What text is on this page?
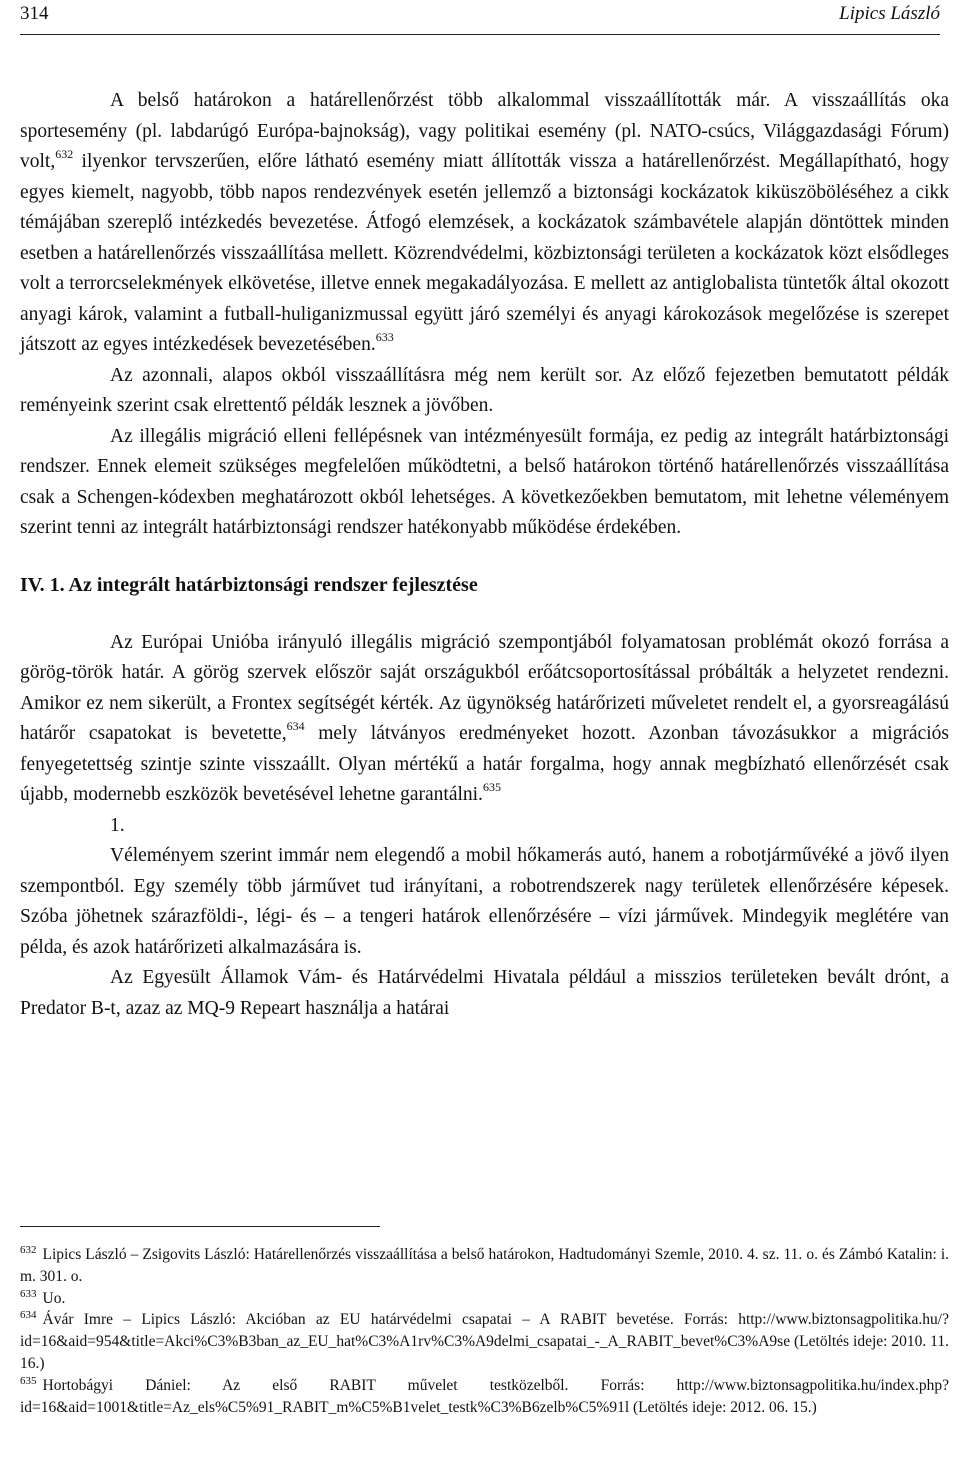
314	Lipics László

A belső határokon a határellenőrzést több alkalommal visszaállították már. A visszaállítás oka sportesemény (pl. labdarúgó Európa-bajnokság), vagy politikai esemény (pl. NATO-csúcs, Világgazdasági Fórum) volt,$^{632}$ ilyenkor tervszerűen, előre látható esemény miatt állították vissza a határellenőrzést. Megállapítható, hogy egyes kiemelt, nagyobb, több napos rendezvények esetén jellemző a biztonsági kockázatok kiküszöböléséhez a cikk témájában szereplő intézkedés bevezetése. Átfogó elemzések, a kockázatok számbavétele alapján döntöttek minden esetben a határellenőrzés visszaállítása mellett. Közrendvédelmi, közbiztonsági területen a kockázatok közt elsődleges volt a terrorcselekmények elkövetése, illetve ennek megakadályozása. E mellett az antiglobalista tüntetők által okozott anyagi károk, valamint a futball-huliganizmussal együtt járó személyi és anyagi károkozások megelőzése is szerepet játszott az egyes intézkedések bevezetésében.$^{633}$

Az azonnali, alapos okból visszaállításra még nem került sor. Az előző fejezetben bemutatott példák reményeink szerint csak elrettentő példák lesznek a jövőben.

Az illegális migráció elleni fellépésnek van intézményesült formája, ez pedig az integrált határbiztonsági rendszer. Ennek elemeit szükséges megfelelően működtetni, a belső határokon történő határellenőrzés visszaállítása csak a Schengen-kódexben meghatározott okból lehetséges. A következőekben bemutatom, mit lehetne véleményem szerint tenni az integrált határbiztonsági rendszer hatékonyabb működése érdekében.

IV. 1. Az integrált határbiztonsági rendszer fejlesztése

Az Európai Unióba irányuló illegális migráció szempontjából folyamatosan problémát okozó forrása a görög-török határ. A görög szervek először saját országukból erőátcsoportosítással próbálták a helyzetet rendezni. Amikor ez nem sikerült, a Frontex segítségét kérték. Az ügynökség határőrizeti műveletet rendelt el, a gyorsreagálású határőr csapatokat is bevetette,$^{634}$ mely látványos eredményeket hozott. Azonban távozásukkor a migrációs fenyegetettség szintje szinte visszaállt. Olyan mértékű a határ forgalma, hogy annak megbízható ellenőrzését csak újabb, modernebb eszközök bevetésével lehetne garantálni.$^{635}$

1.

Véleményem szerint immár nem elegendő a mobil hőkamerás autó, hanem a robotjárművéké a jövő ilyen szempontból. Egy személy több járművet tud irányítani, a robotrendszerek nagy területek ellenőrzésére képesek. Szóba jöhetnek szárazföldi-, légi- és – a tengeri határok ellenőrzésére – vízi járművek. Mindegyik meglétére van példa, és azok határőrizeti alkalmazására is.

Az Egyesült Államok Vám- és Határvédelmi Hivatala például a misszios területeken bevált drónt, a Predator B-t, azaz az MQ-9 Repeart használja a határai

$^{632}$ Lipics László – Zsigovits László: Határellenőrzés visszaállítása a belső határokon, Hadtudományi Szemle, 2010. 4. sz. 11. o. és Zámbó Katalin: i. m. 301. o.

$^{633}$ Uo.

$^{634}$ Ávár Imre – Lipics László: Akcióban az EU határvédelmi csapatai – A RABIT bevetése. Forrás: http://www.biztonsagpolitika.hu/?id=16&aid=954&title=Akci%C3%B3ban_az_EU_hat%C3%A1rv%C3%A9delmi_csapatai_-_A_RABIT_bevet%C3%A9se (Letöltés ideje: 2010. 11. 16.)

$^{635}$ Hortobágyi Dániel: Az első RABIT művelet testközelből. Forrás: http://www.biztonsagpolitika.hu/index.php?id=16&aid=1001&title=Az_els%C5%91_RABIT_m%C5%B1velet_testk%C3%B6zelb%C5%91l (Letöltés ideje: 2012. 06. 15.)
